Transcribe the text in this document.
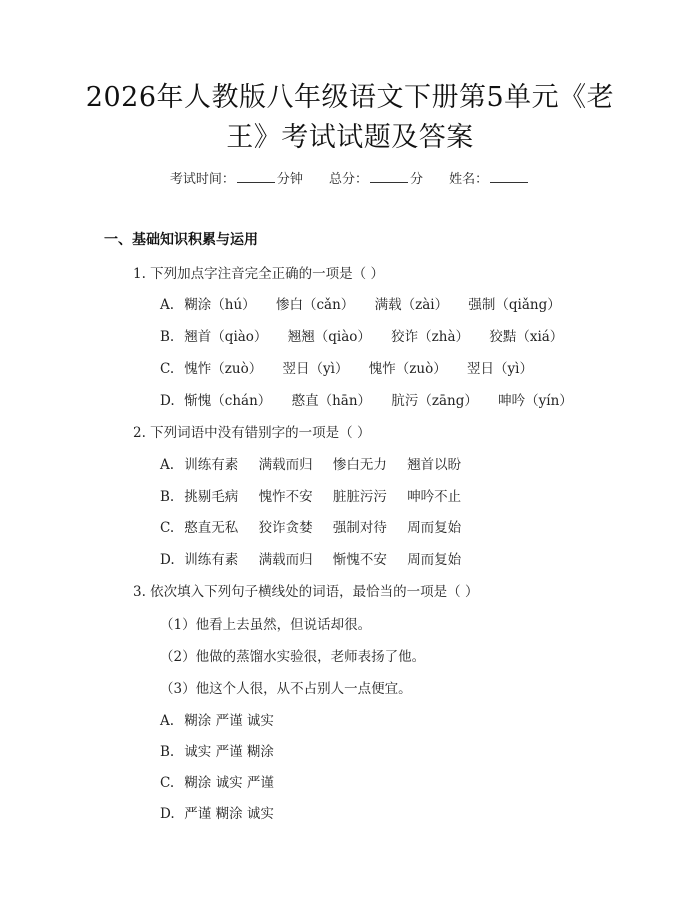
2026年人教版八年级语文下册第5单元《老
王》考试试题及答案
考试时间：	分钟 总分：	分 姓名：
一、基础知识积累与运用
1. 下列加点字注音完全正确的一项是（ ）
A. 糊涂（hú） 惨白（cǎn） 满载（zài） 强制（qiǎng）
B. 翘首（qiào） 翘翘（qiào） 狡诈（zhà） 狡黠（xiá）
C. 愧怍（zuò） 翌日（yì） 愧怍（zuò） 翌日（yì）
D. 惭愧（chán） 憨直（hān） 肮污（zāng） 呻吟（yín）
2. 下列词语中没有错别字的一项是（ ）
A. 训练有素 满载而归 惨白无力 翘首以盼
B. 挑剔毛病 愧怍不安 脏脏污污 呻吟不止
C. 憨直无私 狡诈贪婪 强制对待 周而复始
D. 训练有素 满载而归 惭愧不安 周而复始
3. 依次填入下列句子横线处的词语，最恰当的一项是（ ）
（1）他看上去虽然，但说话却很。
（2）他做的蒸馏水实验很，老师表扬了他。
（3）他这个人很，从不占别人一点便宜。
A. 糊涂 严谨 诚实
B. 诚实 严谨 糊涂
C. 糊涂 诚实 严谨
D. 严谨 糊涂 诚实
